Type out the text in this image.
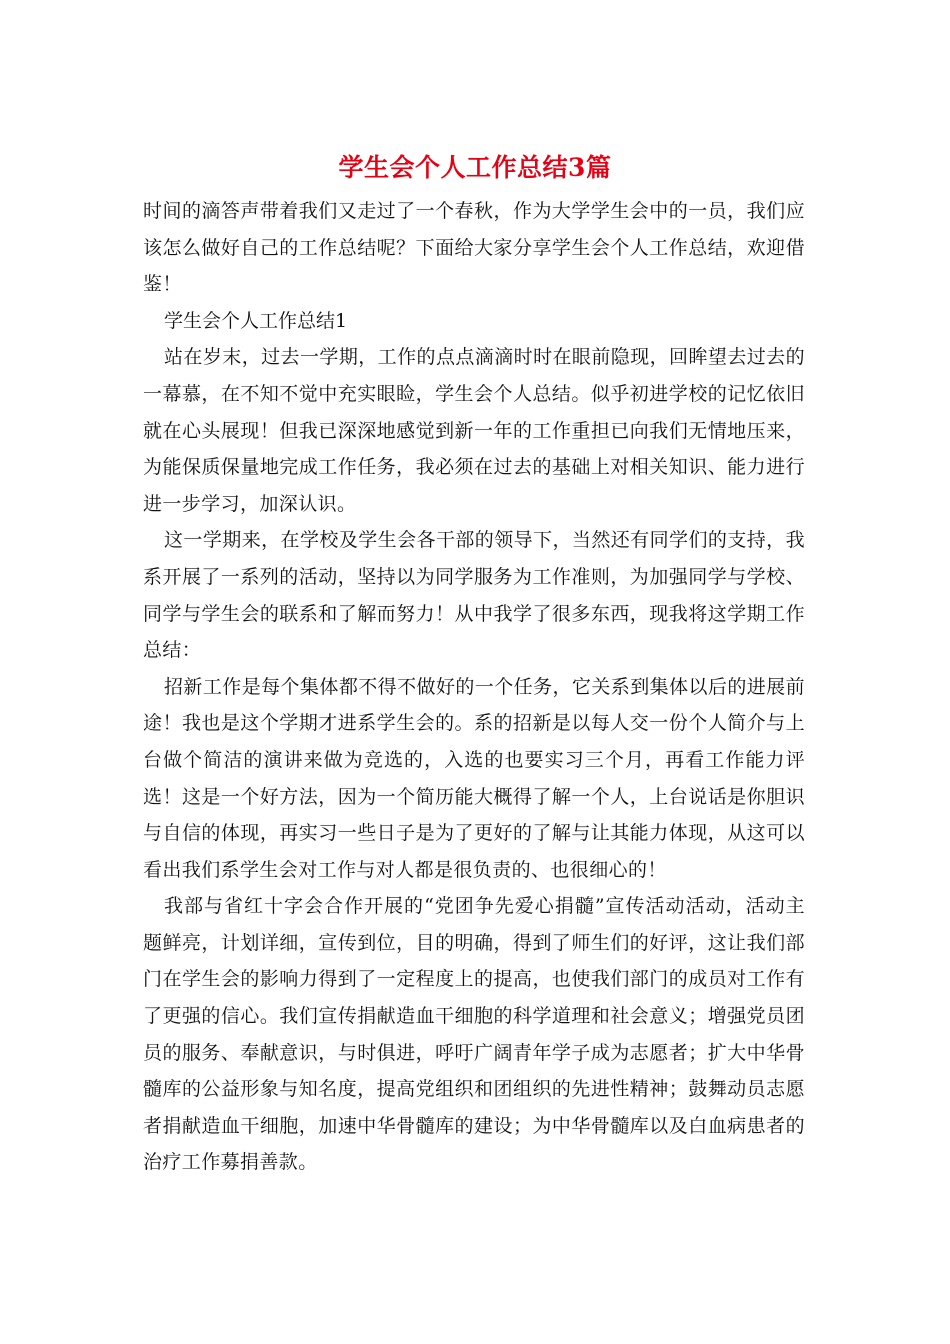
学生会个人工作总结3篇

时间的滴答声带着我们又走过了一个春秋，作为大学学生会中的一员，我们应该怎么做好自己的工作总结呢？下面给大家分享学生会个人工作总结，欢迎借鉴！

学生会个人工作总结1

站在岁末，过去一学期，工作的点点滴滴时时在眼前隐现，回眸望去过去的一幕慕，在不知不觉中充实眼睑，学生会个人总结。似乎初进学校的记忆依旧就在心头展现！但我已深深地感觉到新一年的工作重担已向我们无情地压来，为能保质保量地完成工作任务，我必须在过去的基础上对相关知识、能力进行进一步学习，加深认识。

这一学期来，在学校及学生会各干部的领导下，当然还有同学们的支持，我系开展了一系列的活动，坚持以为同学服务为工作准则，为加强同学与学校、同学与学生会的联系和了解而努力！从中我学了很多东西，现我将这学期工作总结：

招新工作是每个集体都不得不做好的一个任务，它关系到集体以后的进展前途！我也是这个学期才进系学生会的。系的招新是以每人交一份个人简介与上台做个简洁的演讲来做为竞选的，入选的也要实习三个月，再看工作能力评选！这是一个好方法，因为一个简历能大概得了解一个人，上台说话是你胆识与自信的体现，再实习一些日子是为了更好的了解与让其能力体现，从这可以看出我们系学生会对工作与对人都是很负责的、也很细心的！

我部与省红十字会合作开展的“党团争先爱心捐髓”宣传活动活动，活动主题鲜亮，计划详细，宣传到位，目的明确，得到了师生们的好评，这让我们部门在学生会的影响力得到了一定程度上的提高，也使我们部门的成员对工作有了更强的信心。我们宣传捐献造血干细胞的科学道理和社会意义；增强党员团员的服务、奉献意识，与时俱进，呼吁广阔青年学子成为志愿者；扩大中华骨髓库的公益形象与知名度，提高党组织和团组织的先进性精神；鼓舞动员志愿者捐献造血干细胞，加速中华骨髓库的建设；为中华骨髓库以及白血病患者的治疗工作募捐善款。
